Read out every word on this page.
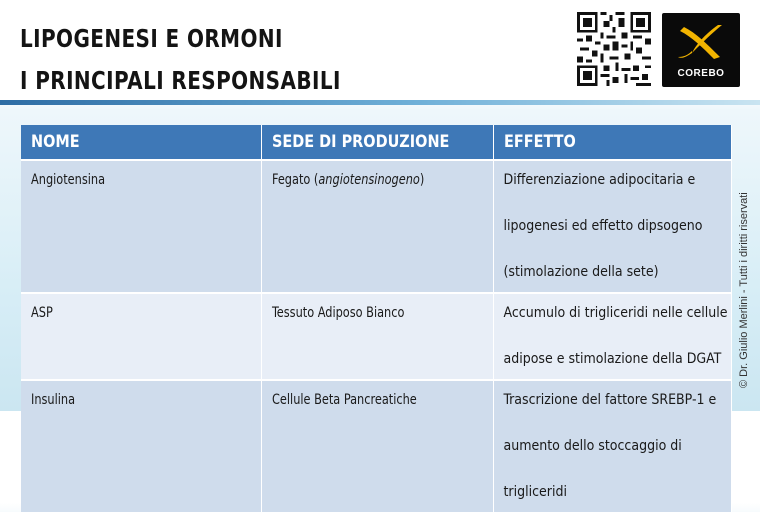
LIPOGENESI E ORMONI
I PRINCIPALI RESPONSABILI	COREBO
© Dr. Giulio Merlini - Tutti i diritti riservati
NOME	SEDE DI PRODUZIONE	EFFETTO
Angiotensina	Fegato (angiotensinogeno)	Differenziazione adipocitaria e

lipogenesi ed effetto dipsogeno

(stimolazione della sete)

ASP	Tessuto Adiposo Bianco	Accumulo di trigliceridi nelle cellule

adipose e stimolazione della DGAT

Insulina	Cellule Beta Pancreatiche	Trascrizione del fattore SREBP-1 e

aumento dello stoccaggio di

trigliceridi
